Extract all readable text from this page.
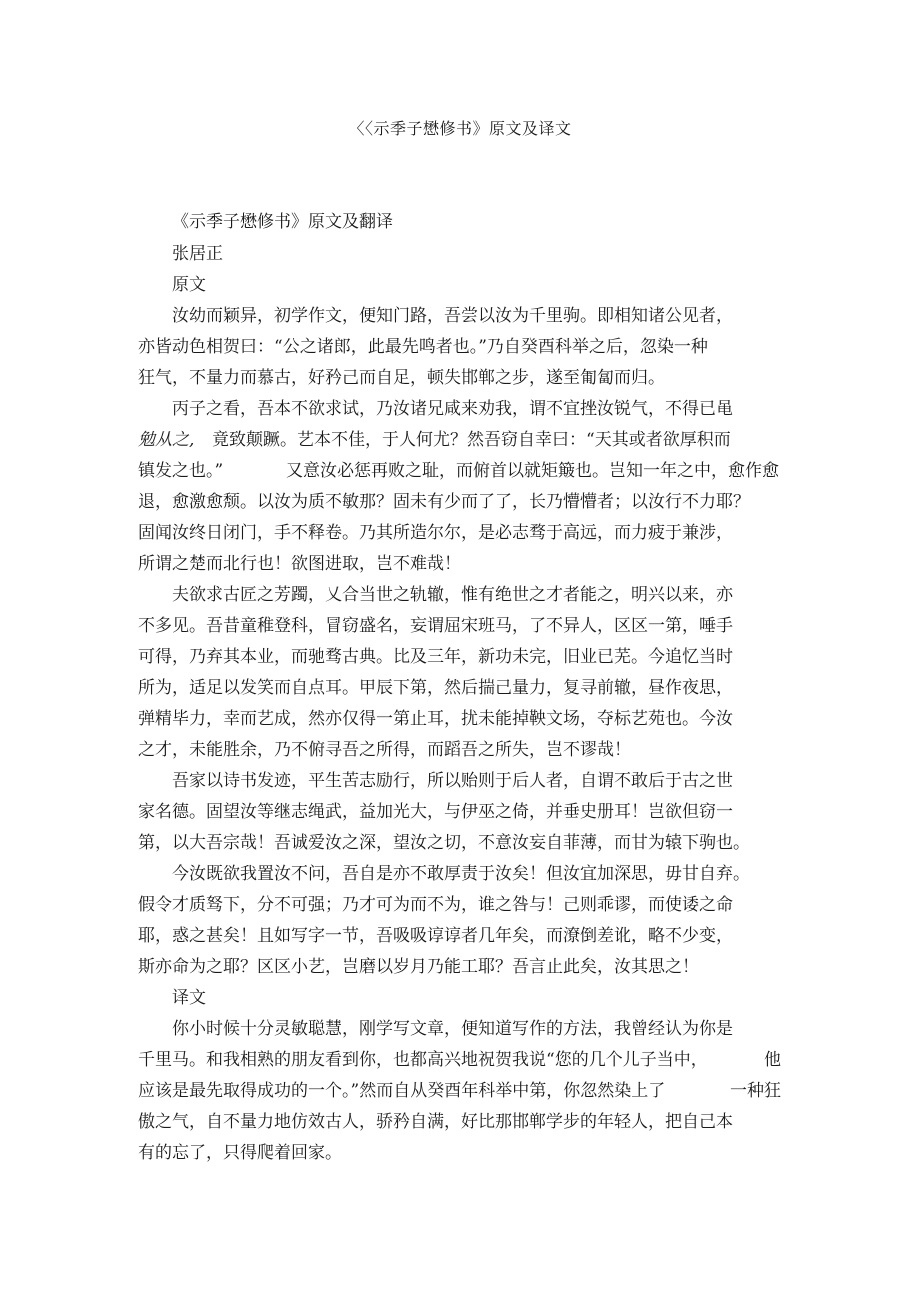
〈〈示季子懋修书》原文及译文
《示季子懋修书》原文及翻译
张居正
原文
汝幼而颖异，初学作文，便知门路，吾尝以汝为千里驹。即相知诸公见者，
亦皆动色相贺曰：“公之诸郎，此最先鸣者也。”乃自癸酉科举之后，忽染一种
狂气，不量力而慕古，好矜己而自足，顿失邯郸之步，遂至匍匐而归。
丙子之看，吾本不欲求试，乃汝诸兄咸来劝我，谓不宜挫汝锐气，不得已黾
勉从之, 竟致颠蹶。艺本不佳，于人何尤？然吾窃自幸曰：“天其或者欲厚积而
镇发之也。”	又意汝必惩再败之耻，而俯首以就矩簸也。岂知一年之中，愈作愈
退，愈激愈颓。以汝为质不敏那？固未有少而了了，长乃懵懵者；以汝行不力耶？
固闻汝终日闭门，手不释卷。乃其所造尔尔，是必志骛于高远，而力疲于兼涉，
所谓之楚而北行也！欲图进取，岂不难哉！
夫欲求古匠之芳躅，乂合当世之轨辙，惟有绝世之才者能之，明兴以来，亦
不多见。吾昔童稚登科，冒窃盛名，妄谓屈宋班马，了不异人，区区一第，唾手
可得，乃弃其本业，而驰骛古典。比及三年，新功未完，旧业已芜。今追忆当时
所为，适足以发笑而自点耳。甲辰下第，然后揣己量力，复寻前辙，昼作夜思，
弹精毕力，幸而艺成，然亦仅得一第止耳，扰未能掉鞅文场，夺标艺苑也。今汝
之才，未能胜余，乃不俯寻吾之所得，而蹈吾之所失，岂不谬哉！
吾家以诗书发迹，平生苦志励行，所以贻则于后人者，自谓不敢后于古之世
家名德。固望汝等继志绳武，益加光大，与伊巫之倚，并垂史册耳！岂欲但窃一
第，以大吾宗哉！吾诚爱汝之深，望汝之切，不意汝妄自菲薄，而甘为辕下驹也。
今汝既欲我置汝不问，吾自是亦不敢厚责于汝矣！但汝宜加深思，毋甘自弃。
假令才质驽下，分不可强；乃才可为而不为，谁之咎与！己则乖谬，而使诿之命
耶，惑之甚矣！且如写字一节，吾吸吸谆谆者几年矣，而潦倒差讹，略不少变，
斯亦命为之耶？区区小艺，岂磨以岁月乃能工耶？吾言止此矣，汝其思之！
译文
你小时候十分灵敏聪慧，刚学写文章，便知道写作的方法，我曾经认为你是
千里马。和我相熟的朋友看到你，也都高兴地祝贺我说“您的几个儿子当中，	他
应该是最先取得成功的一个。”然而自从癸酉年科举中第，你忽然染上了	一种狂
傲之气，自不量力地仿效古人，骄矜自满，好比那邯郸学步的年轻人，把自己本
有的忘了，只得爬着回家。
